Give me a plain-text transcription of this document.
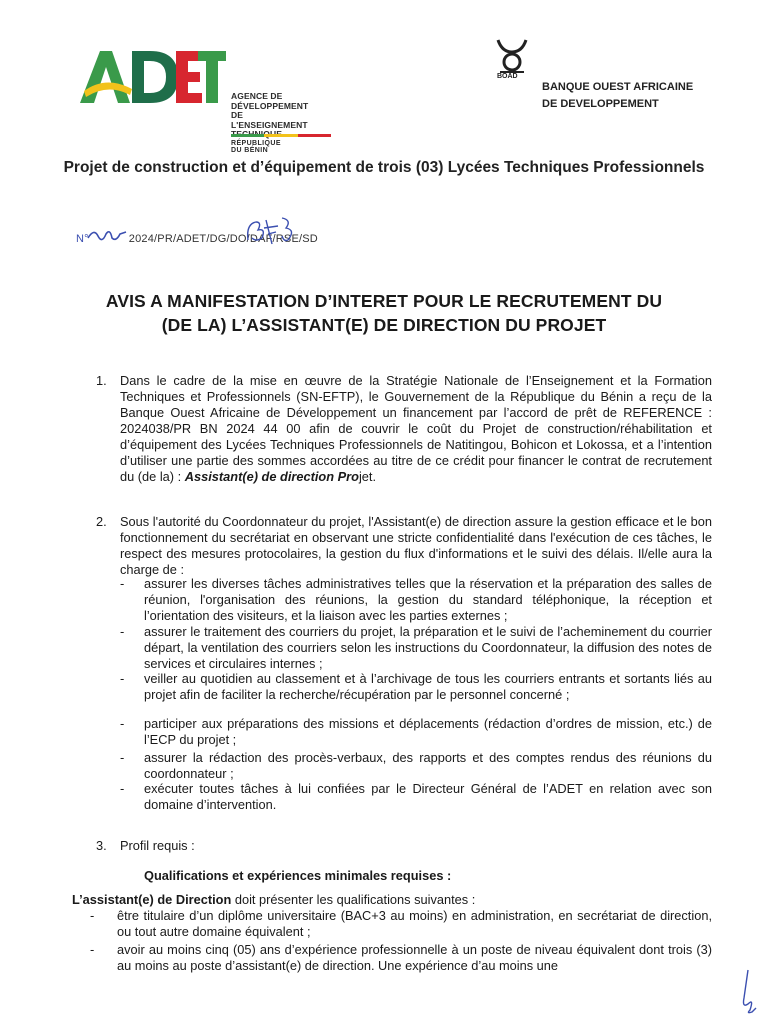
AGENCE DE
DÉVELOPPEMENT
DE L'ENSEIGNEMENT
RÉPUBLIQUE DU BÉNIN
BOAD
BANQUE OUEST AFRICAINE
DE DEVELOPPEMENT
Projet de construction et d’équipement de trois (03) Lycées Techniques Professionnels
N°	2024/PR/ADET/DG/DO/DAF/RSE/SD
AVIS A MANIFESTATION D’INTERET POUR LE RECRUTEMENT DU
(DE LA) L’ASSISTANT(E) DE DIRECTION DU PROJET
1. Dans le cadre de la mise en œuvre de la Stratégie Nationale de l’Enseignement et la Formation Techniques et Professionnels (SN-EFTP), le Gouvernement de la République du Bénin a reçu de la Banque Ouest Africaine de Développement un financement par l’accord de prêt de REFERENCE : 2024038/PR BN 2024 44 00 afin de couvrir le coût du Projet de construction/réhabilitation et d’équipement des Lycées Techniques Professionnels de Natitingou, Bohicon et Lokossa, et a l’intention d’utiliser une partie des sommes accordées au titre de ce crédit pour financer le contrat de recrutement du (de la) : Assistant(e) de direction Projet.

2. Sous l'autorité du Coordonnateur du projet, l'Assistant(e) de direction assure la gestion efficace et le bon fonctionnement du secrétariat en observant une stricte confidentialité dans l'exécution de ces tâches, le respect des mesures protocolaires, la gestion du flux d'informations et le suivi des délais. Il/elle aura la charge de :

- assurer les diverses tâches administratives telles que la réservation et la préparation des salles de réunion, l'organisation des réunions, la gestion du standard téléphonique, la réception et l’orientation des visiteurs, et la liaison avec les parties externes ;
- assurer le traitement des courriers du projet, la préparation et le suivi de l’acheminement du courrier départ, la ventilation des courriers selon les instructions du Coordonnateur, la diffusion des notes de services et circulaires internes ;
- veiller au quotidien au classement et à l’archivage de tous les courriers entrants et sortants liés au projet afin de faciliter la recherche/récupération par le personnel concerné ;
- participer aux préparations des missions et déplacements (rédaction d’ordres de mission, etc.) de l’ECP du projet ;
- assurer la rédaction des procès-verbaux, des rapports et des comptes rendus des réunions du coordonnateur ;
- exécuter toutes tâches à lui confiées par le Directeur Général de l’ADET en relation avec son domaine d’intervention.
3. Profil requis :
Qualifications et expériences minimales requises :
L’assistant(e) de Direction doit présenter les qualifications suivantes :
- être titulaire d’un diplôme universitaire (BAC+3 au moins) en administration, en secrétariat de direction, ou tout autre domaine équivalent ;
- avoir au moins cinq (05) ans d’expérience professionnelle à un poste de niveau équivalent dont trois (3) au moins au poste d’assistant(e) de direction. Une expérience d’au moins une
